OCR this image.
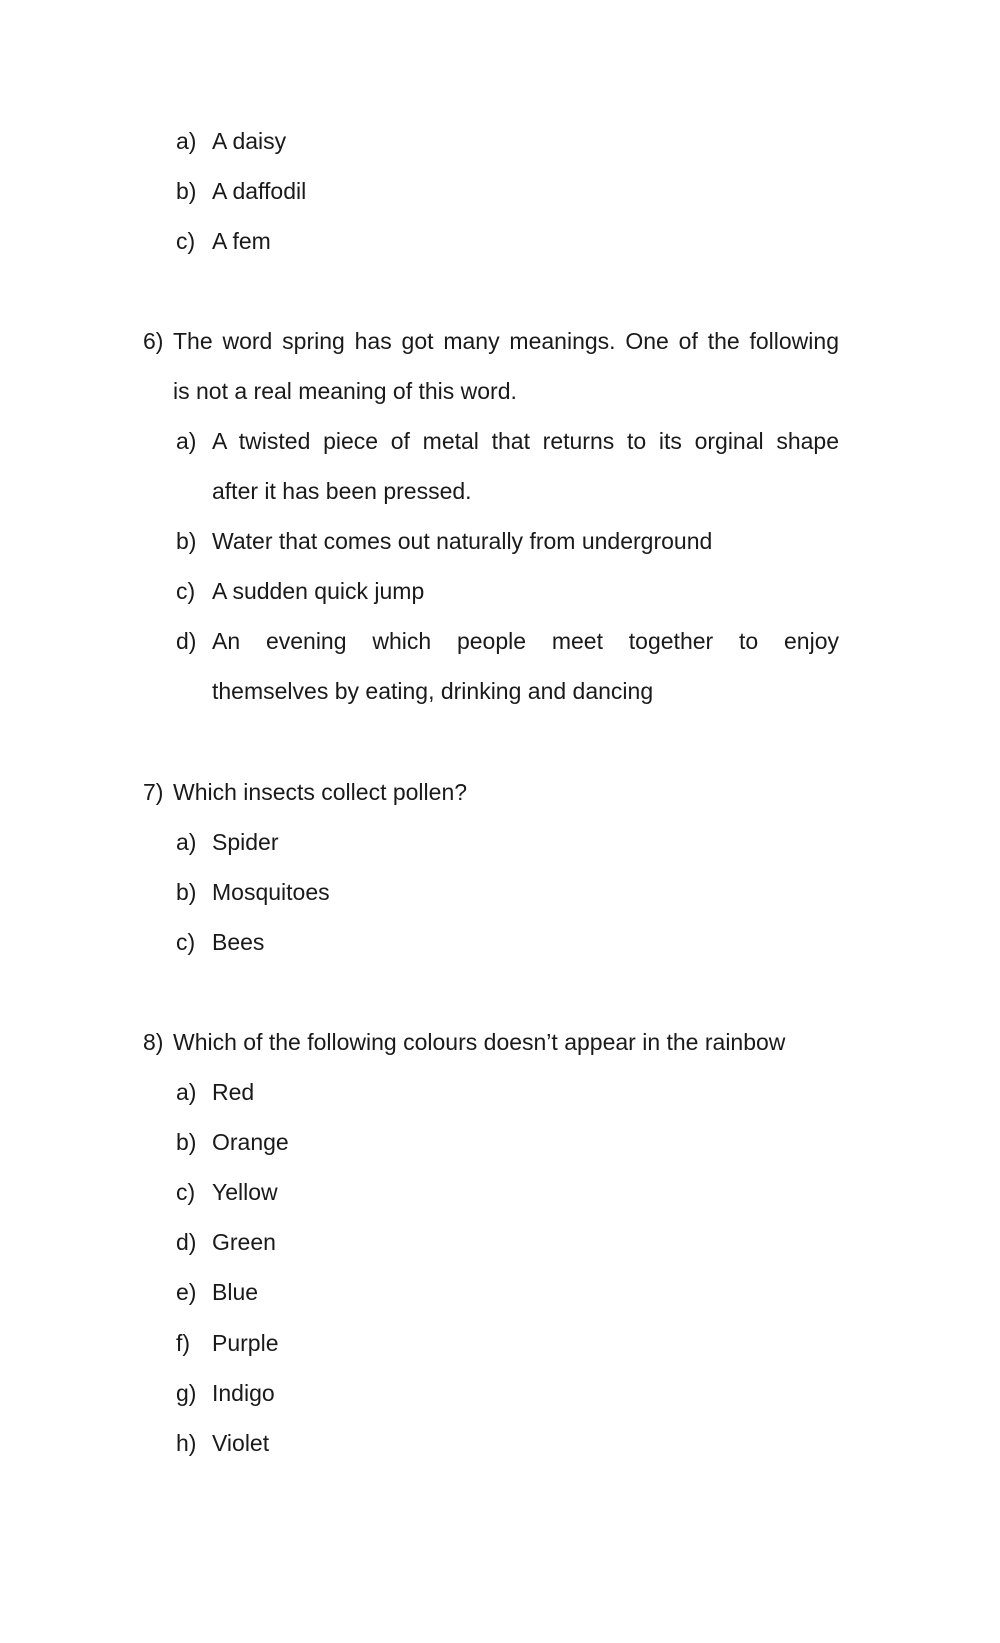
a) A daisy
b) A daffodil
c) A fem
6) The word spring has got many meanings. One of the following
is not a real meaning of this word.
a) A twisted piece of metal that returns to its orginal shape
after it has been pressed.
b) Water that comes out naturally from underground
c) A sudden quick jump
d) An evening which people meet together to enjoy
themselves by eating, drinking and dancing
7) Which insects collect pollen?
a) Spider
b) Mosquitoes
c) Bees
8) Which of the following colours doesn’t appear in the rainbow
a) Red
b) Orange
c) Yellow
d) Green
e) Blue
f) Purple
g) Indigo
h) Violet
